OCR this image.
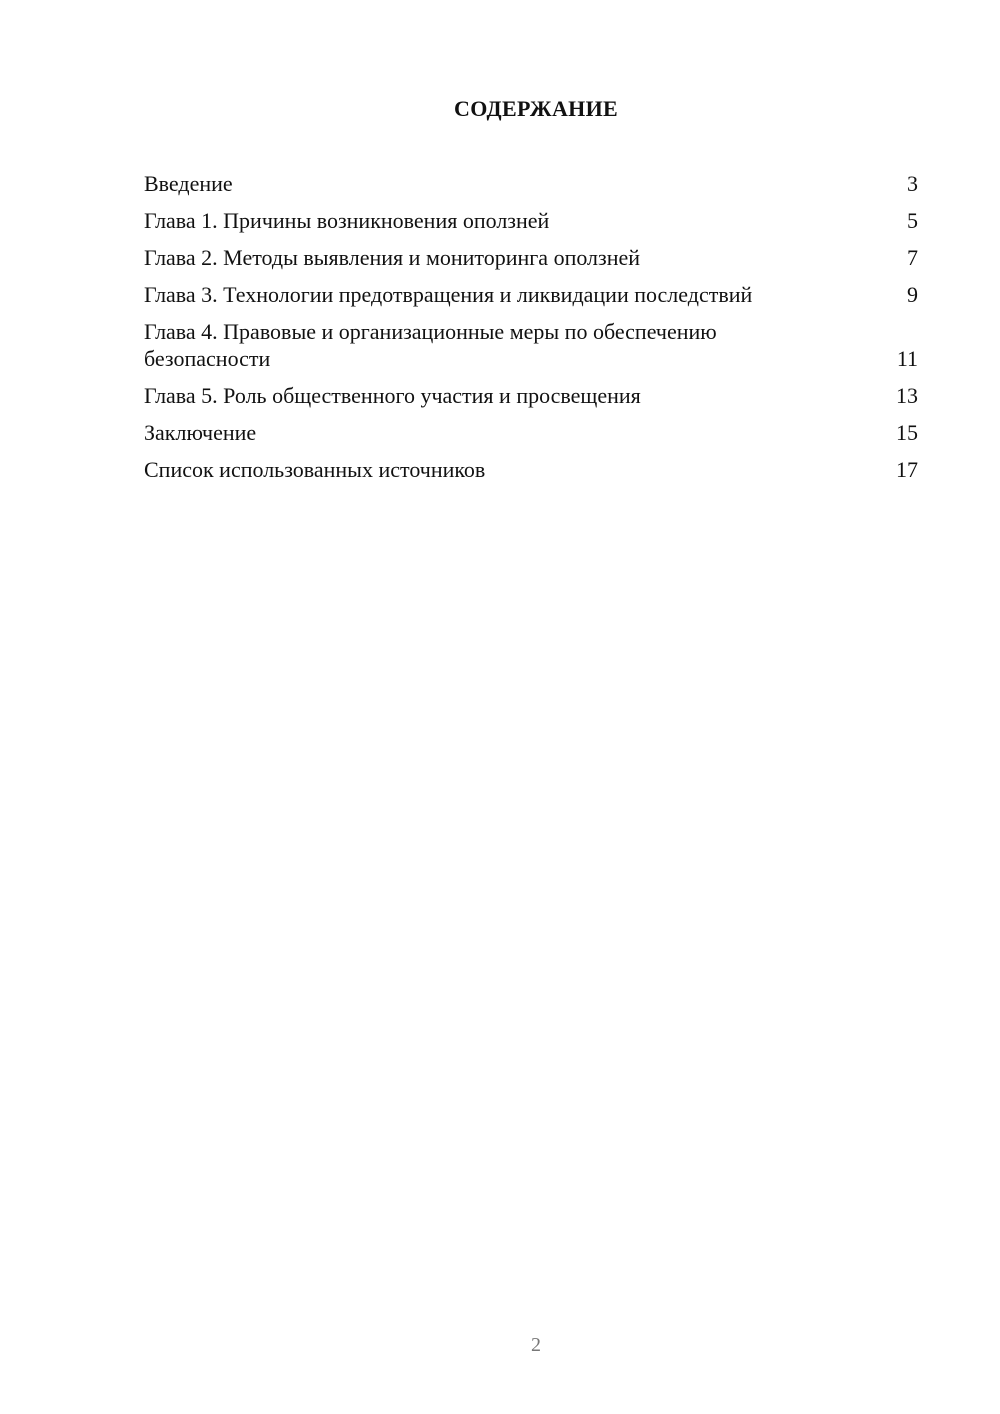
СОДЕРЖАНИЕ
Введение	3
Глава 1. Причины возникновения оползней	5
Глава 2. Методы выявления и мониторинга оползней	7
Глава 3. Технологии предотвращения и ликвидации последствий	9
Глава 4. Правовые и организационные меры по обеспечению безопасности	11
Глава 5. Роль общественного участия и просвещения	13
Заключение	15
Список использованных источников	17
2
